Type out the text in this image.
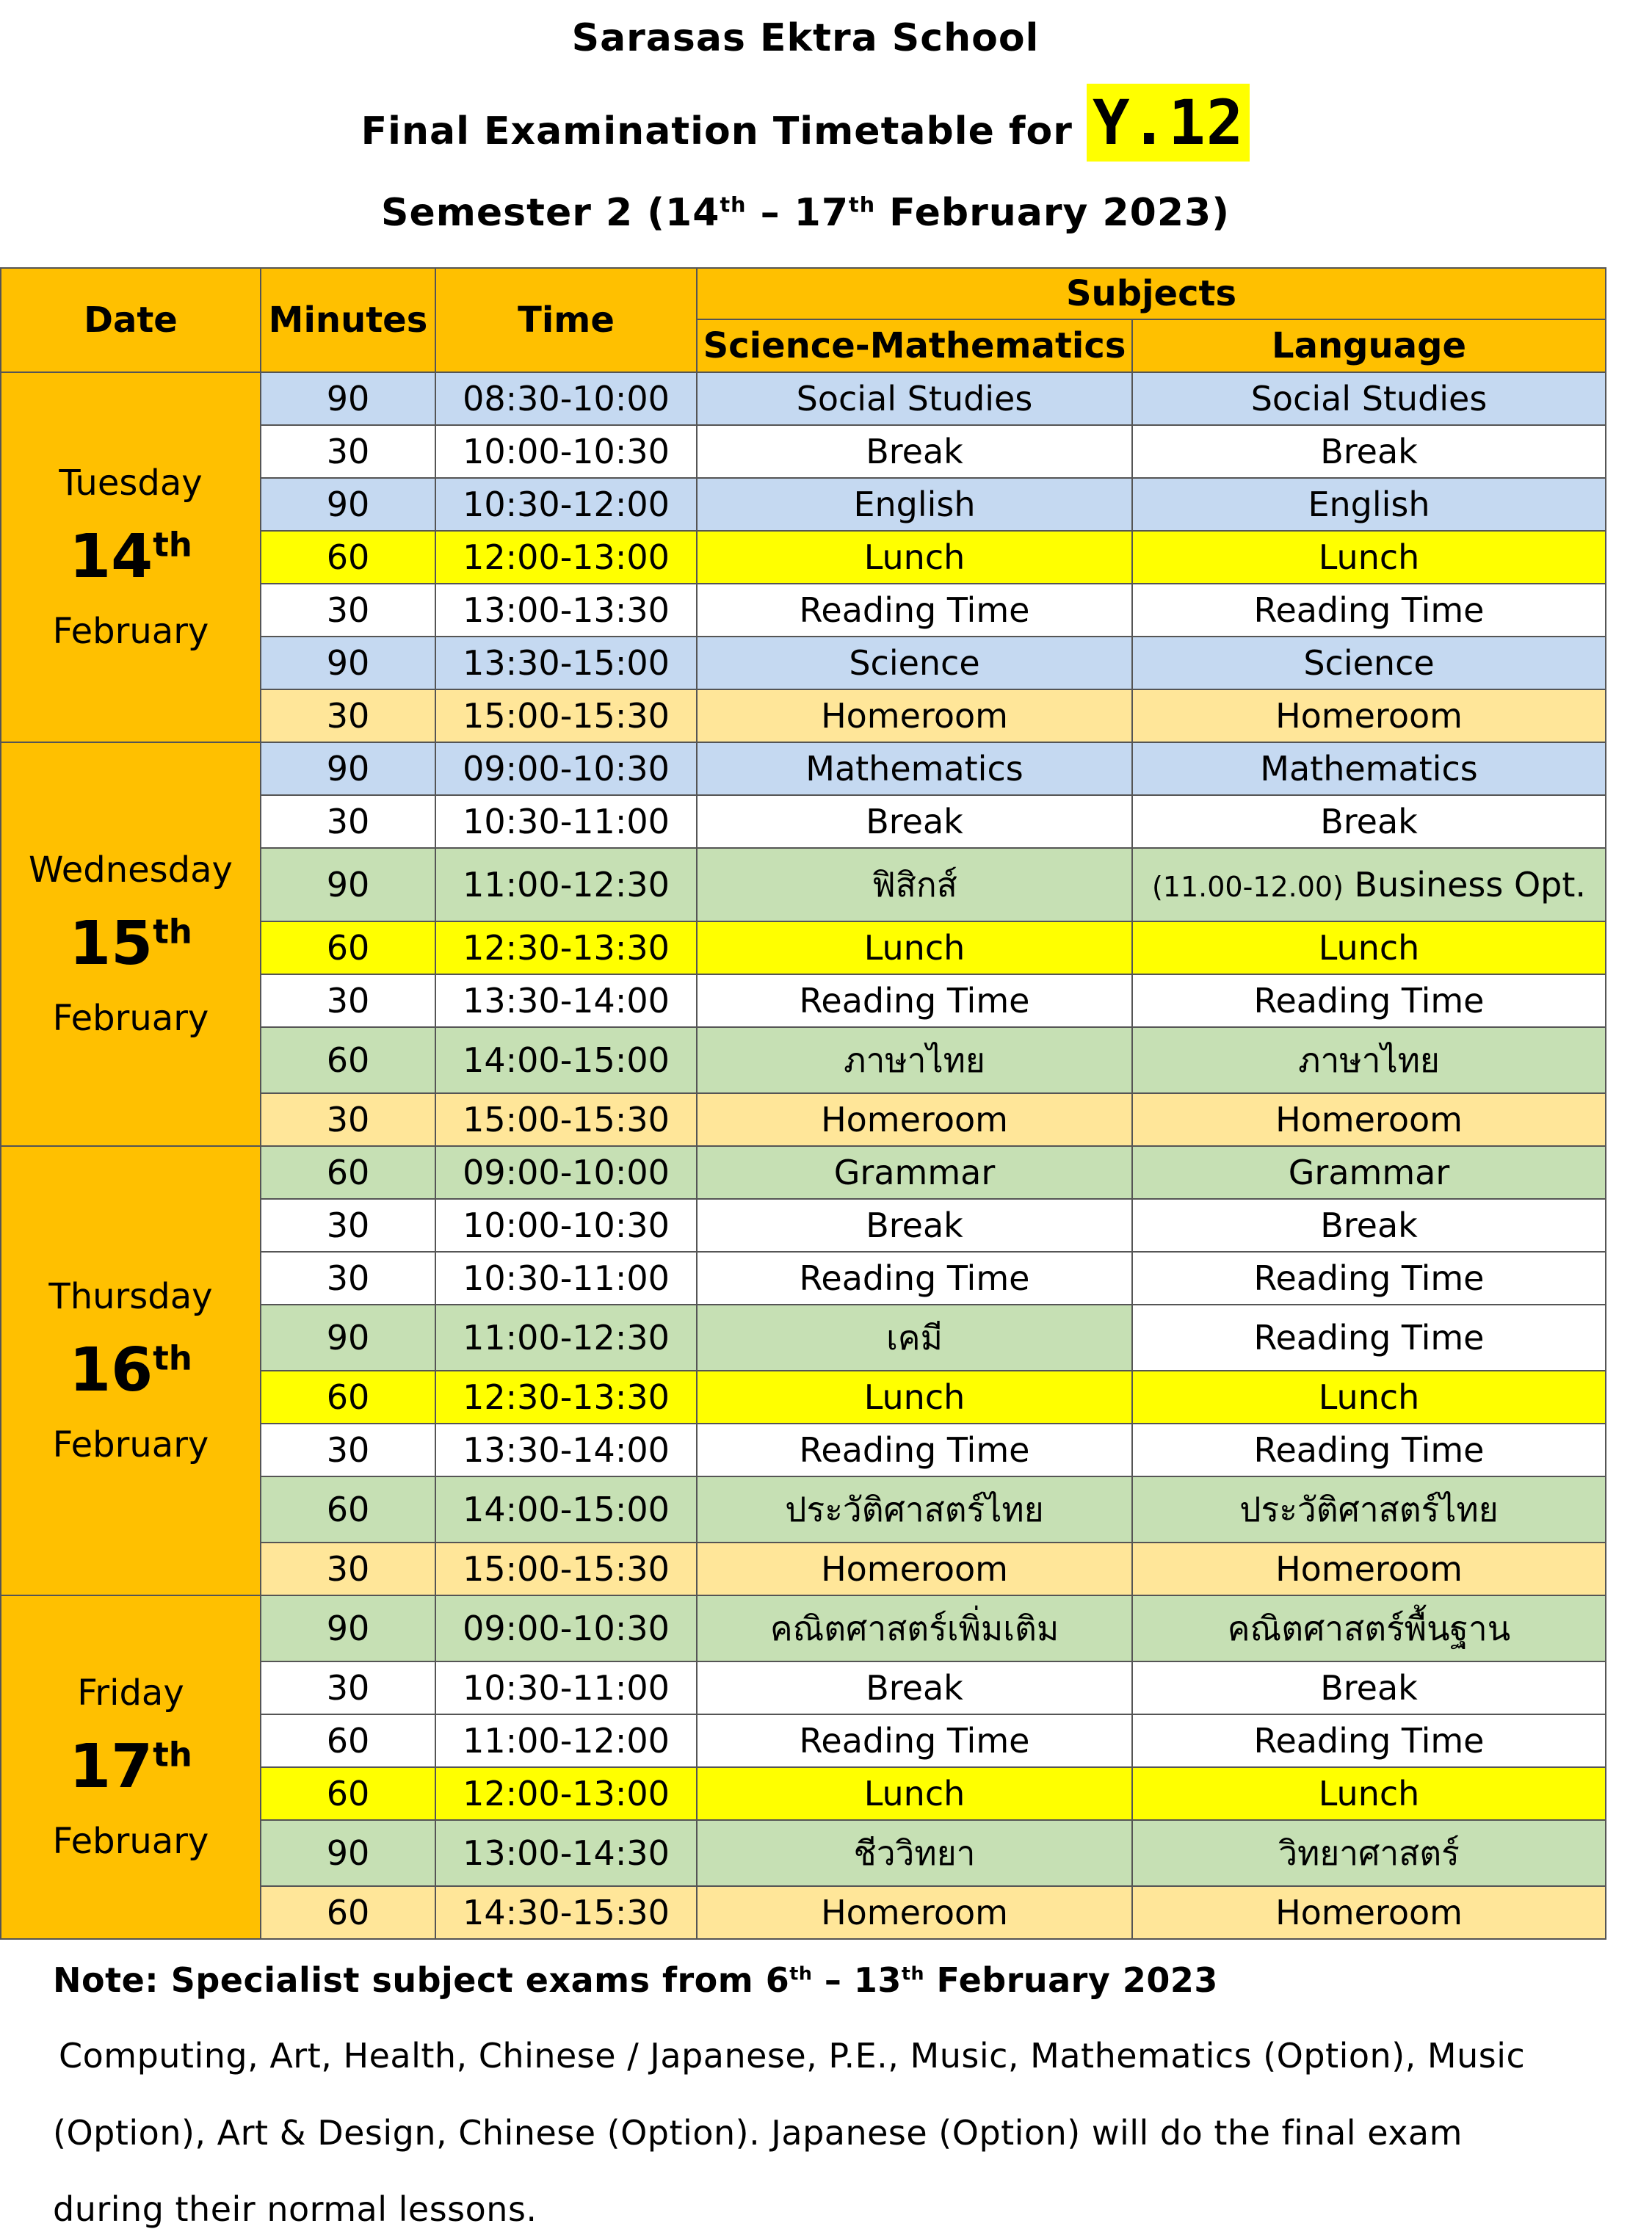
Sarasas Ektra School
Final Examination Timetable for Y.12
Semester 2 (14th – 17th February 2023)
Date	Minutes	Time	Subjects	
			Science-Mathematics	Language

Tuesday
14th
February	90	08:30-10:00	Social Studies	Social Studies
	30	10:00-10:30	Break	Break
	90	10:30-12:00	English	English
	60	12:00-13:00	Lunch	Lunch
	30	13:00-13:30	Reading Time	Reading Time
	90	13:30-15:00	Science	Science
	30	15:00-15:30	Homeroom	Homeroom

Wednesday
15th
February	90	09:00-10:30	Mathematics	Mathematics
	30	10:30-11:00	Break	Break
	90	11:00-12:30	ฟิสิกส์	(11.00-12.00) Business Opt.
	60	12:30-13:30	Lunch	Lunch
	30	13:30-14:00	Reading Time	Reading Time
	60	14:00-15:00	ภาษาไทย	ภาษาไทย
	30	15:00-15:30	Homeroom	Homeroom

Thursday
16th
February	60	09:00-10:00	Grammar	Grammar
	30	10:00-10:30	Break	Break
	30	10:30-11:00	Reading Time	Reading Time
	90	11:00-12:30	เคมี	Reading Time
	60	12:30-13:30	Lunch	Lunch
	30	13:30-14:00	Reading Time	Reading Time
	60	14:00-15:00	ประวัติศาสตร์ไทย	ประวัติศาสตร์ไทย
	30	15:00-15:30	Homeroom	Homeroom

Friday
17th
February	90	09:00-10:30	คณิตศาสตร์เพิ่มเติม	คณิตศาสตร์พื้นฐาน
	30	10:30-11:00	Break	Break
	60	11:00-12:00	Reading Time	Reading Time
	60	12:00-13:00	Lunch	Lunch
	90	13:00-14:30	ชีววิทยา	วิทยาศาสตร์
	60	14:30-15:30	Homeroom	Homeroom
Note: Specialist subject exams from 6th – 13th February 2023
Computing, Art, Health, Chinese / Japanese, P.E., Music, Mathematics (Option), Music
(Option), Art & Design, Chinese (Option). Japanese (Option) will do the final exam
during their normal lessons.
